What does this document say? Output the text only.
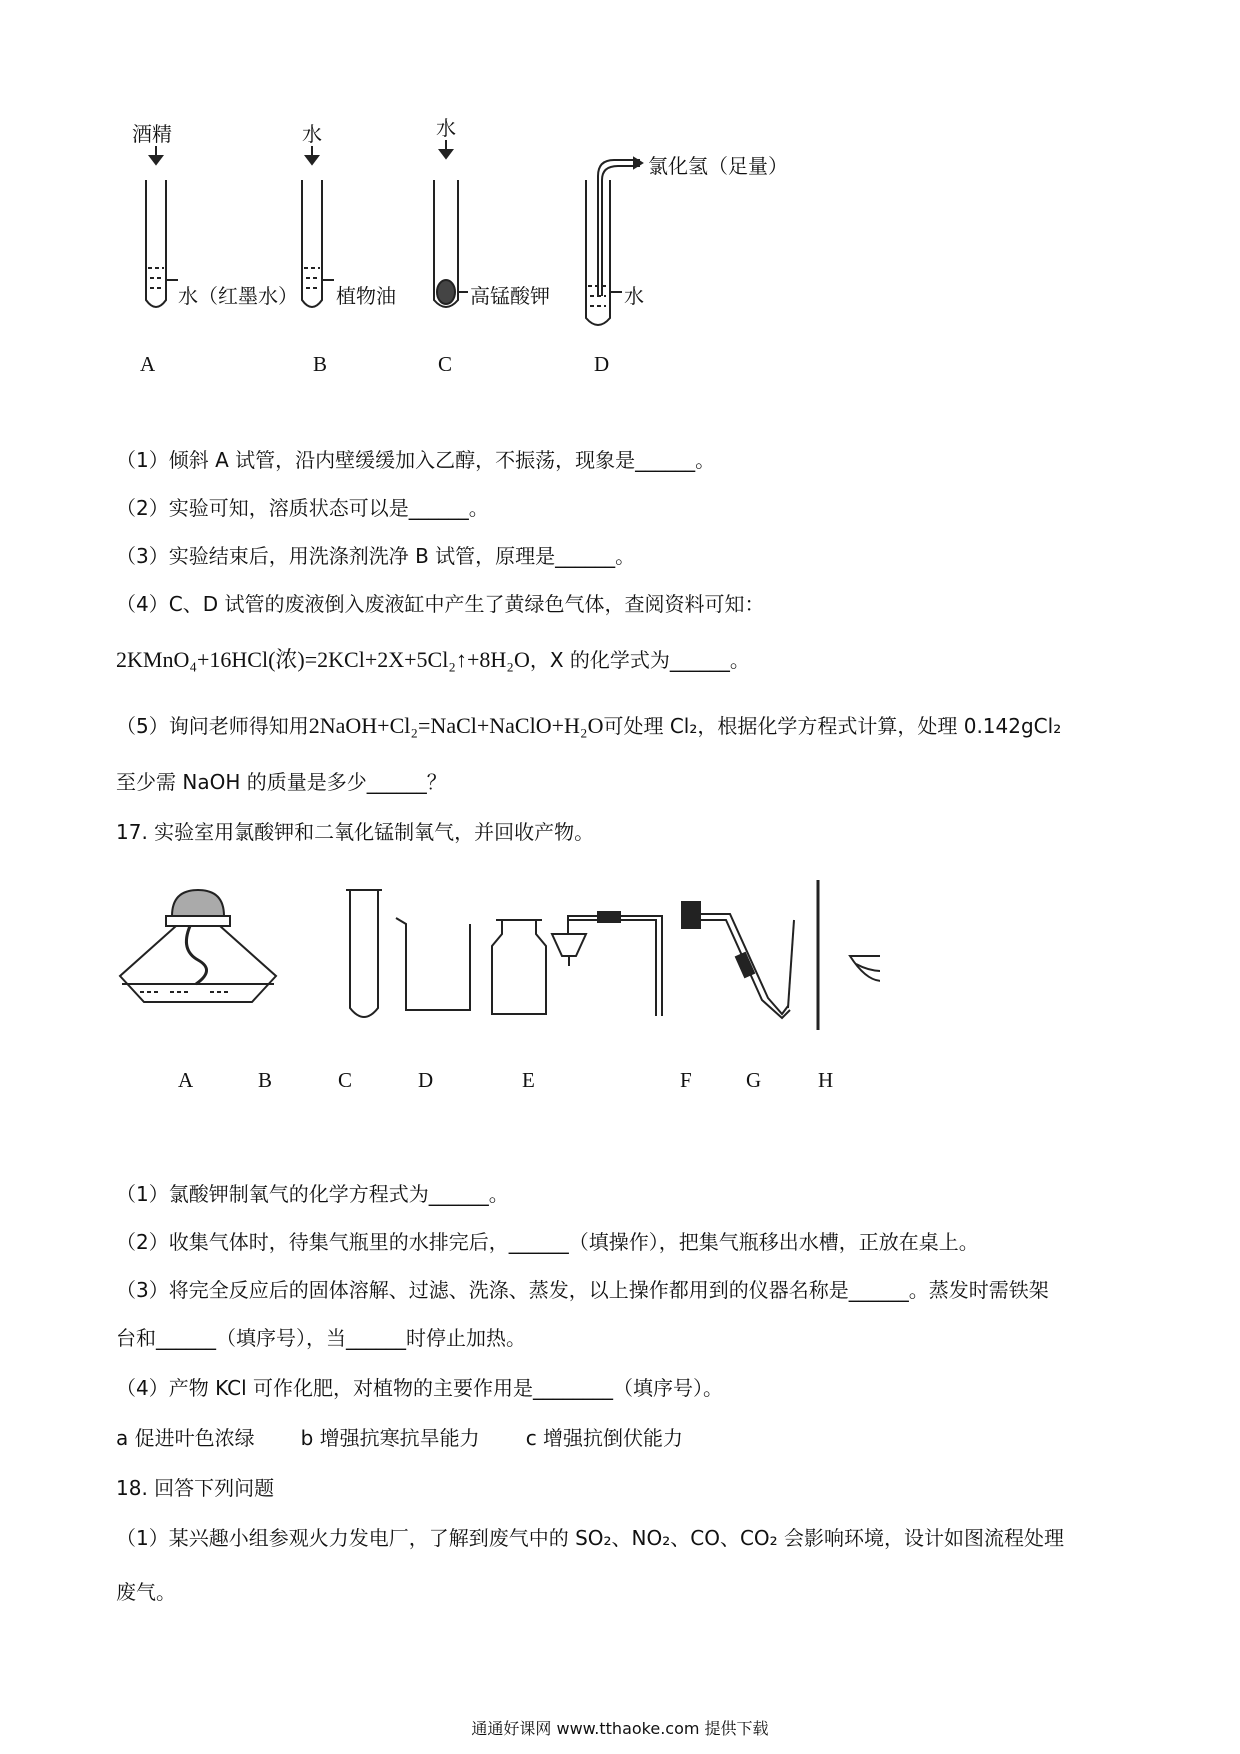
酒精
水（红墨水）
水
植物油
水
高锰酸钾
氯化氢（足量）
水
A	B	C	D
（1）倾斜 A 试管，沿内壁缓缓加入乙醇，不振荡，现象是______。
（2）实验可知，溶质状态可以是______。
（3）实验结束后，用洗涤剂洗净 B 试管，原理是______。
（4）C、D 试管的废液倒入废液缸中产生了黄绿色气体，查阅资料可知：
2KMnO₄+16HCl(浓)=2KCl+2X+5Cl₂↑+8H₂O，X 的化学式为______。
（5）询问老师得知用2NaOH+Cl₂=NaCl+NaClO+H₂O可处理 Cl₂，根据化学方程式计算，处理 0.142gCl₂
至少需 NaOH 的质量是多少______？
17. 实验室用氯酸钾和二氧化锰制氧气，并回收产物。
A	B	C	D	E	F	G	H
（1）氯酸钾制氧气的化学方程式为______。
（2）收集气体时，待集气瓶里的水排完后，______（填操作），把集气瓶移出水槽，正放在桌上。
（3）将完全反应后的固体溶解、过滤、洗涤、蒸发，以上操作都用到的仪器名称是______。蒸发时需铁架
台和______（填序号），当______时停止加热。
（4）产物 KCl 可作化肥，对植物的主要作用是________（填序号）。
a 促进叶色浓绿 b 增强抗寒抗旱能力 c 增强抗倒伏能力
18. 回答下列问题
（1）某兴趣小组参观火力发电厂，了解到废气中的 SO₂、NO₂、CO、CO₂ 会影响环境，设计如图流程处理
废气。
通通好课网 www.tthaoke.com 提供下载
